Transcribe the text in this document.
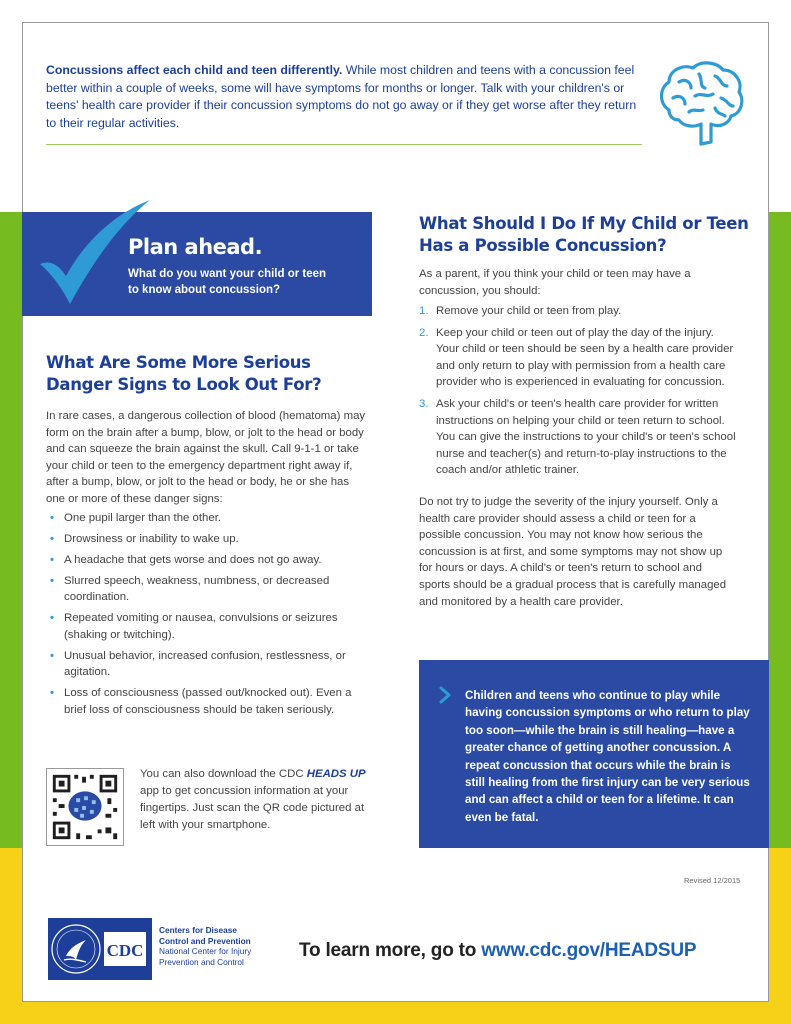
Concussions affect each child and teen differently. While most children and teens with a concussion feel better within a couple of weeks, some will have symptoms for months or longer. Talk with your children's or teens' health care provider if their concussion symptoms do not go away or if they get worse after they return to their regular activities.

Plan ahead.
What do you want your child or teen to know about concussion?
What Are Some More Serious Danger Signs to Look Out For?

In rare cases, a dangerous collection of blood (hematoma) may form on the brain after a bump, blow, or jolt to the head or body and can squeeze the brain against the skull. Call 9-1-1 or take your child or teen to the emergency department right away if, after a bump, blow, or jolt to the head or body, he or she has one or more of these danger signs:

• One pupil larger than the other.
• Drowsiness or inability to wake up.
• A headache that gets worse and does not go away.
• Slurred speech, weakness, numbness, or decreased coordination.
• Repeated vomiting or nausea, convulsions or seizures (shaking or twitching).
• Unusual behavior, increased confusion, restlessness, or agitation.
• Loss of consciousness (passed out/knocked out). Even a brief loss of consciousness should be taken seriously.
What Should I Do If My Child or Teen Has a Possible Concussion?

As a parent, if you think your child or teen may have a concussion, you should:

1. Remove your child or teen from play.
2. Keep your child or teen out of play the day of the injury. Your child or teen should be seen by a health care provider and only return to play with permission from a health care provider who is experienced in evaluating for concussion.
3. Ask your child's or teen's health care provider for written instructions on helping your child or teen return to school. You can give the instructions to your child's or teen's school nurse and teacher(s) and return-to-play instructions to the coach and/or athletic trainer.

Do not try to judge the severity of the injury yourself. Only a health care provider should assess a child or teen for a possible concussion. You may not know how serious the concussion is at first, and some symptoms may not show up for hours or days. A child's or teen's return to school and sports should be a gradual process that is carefully managed and monitored by a health care provider.

Children and teens who continue to play while having concussion symptoms or who return to play too soon—while the brain is still healing—have a greater chance of getting another concussion. A repeat concussion that occurs while the brain is still healing from the first injury can be very serious and can affect a child or teen for a lifetime. It can even be fatal.

You can also download the CDC HEADS UP app to get concussion information at your fingertips. Just scan the QR code pictured at left with your smartphone.

Revised 12/2015
CDC
Centers for Disease
Control and Prevention
National Center for Injury
Prevention and Control
To learn more, go to www.cdc.gov/HEADSUP
